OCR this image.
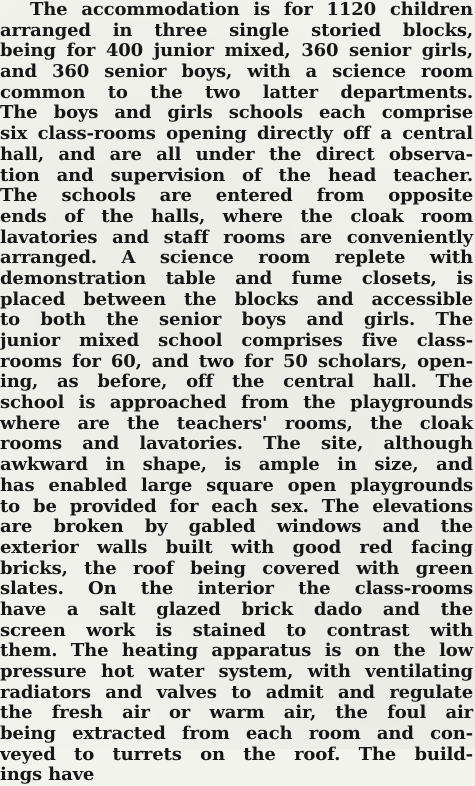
The accommodation is for 1120 children
arranged in three single storied blocks,
being for 400 junior mixed, 360 senior girls,
and 360 senior boys, with a science room
common to the two latter departments.
The boys and girls schools each comprise
six class-rooms opening directly off a central
hall, and are all under the direct observa-
tion and supervision of the head teacher.
The schools are entered from opposite
ends of the halls, where the cloak room
lavatories and staff rooms are conveniently
arranged. A science room replete with
demonstration table and fume closets, is
placed between the blocks and accessible
to both the senior boys and girls. The
junior mixed school comprises five class-
rooms for 60, and two for 50 scholars, open-
ing, as before, off the central hall. The
school is approached from the playgrounds
where are the teachers' rooms, the cloak
rooms and lavatories. The site, although
awkward in shape, is ample in size, and
has enabled large square open playgrounds
to be provided for each sex. The elevations
are broken by gabled windows and the
exterior walls built with good red facing
bricks, the roof being covered with green
slates. On the interior the class-rooms
have a salt glazed brick dado and the
screen work is stained to contrast with
them. The heating apparatus is on the low
pressure hot water system, with ventilating
radiators and valves to admit and regulate
the fresh air or warm air, the foul air
being extracted from each room and con-
veyed to turrets on the roof. The build-
ings have
